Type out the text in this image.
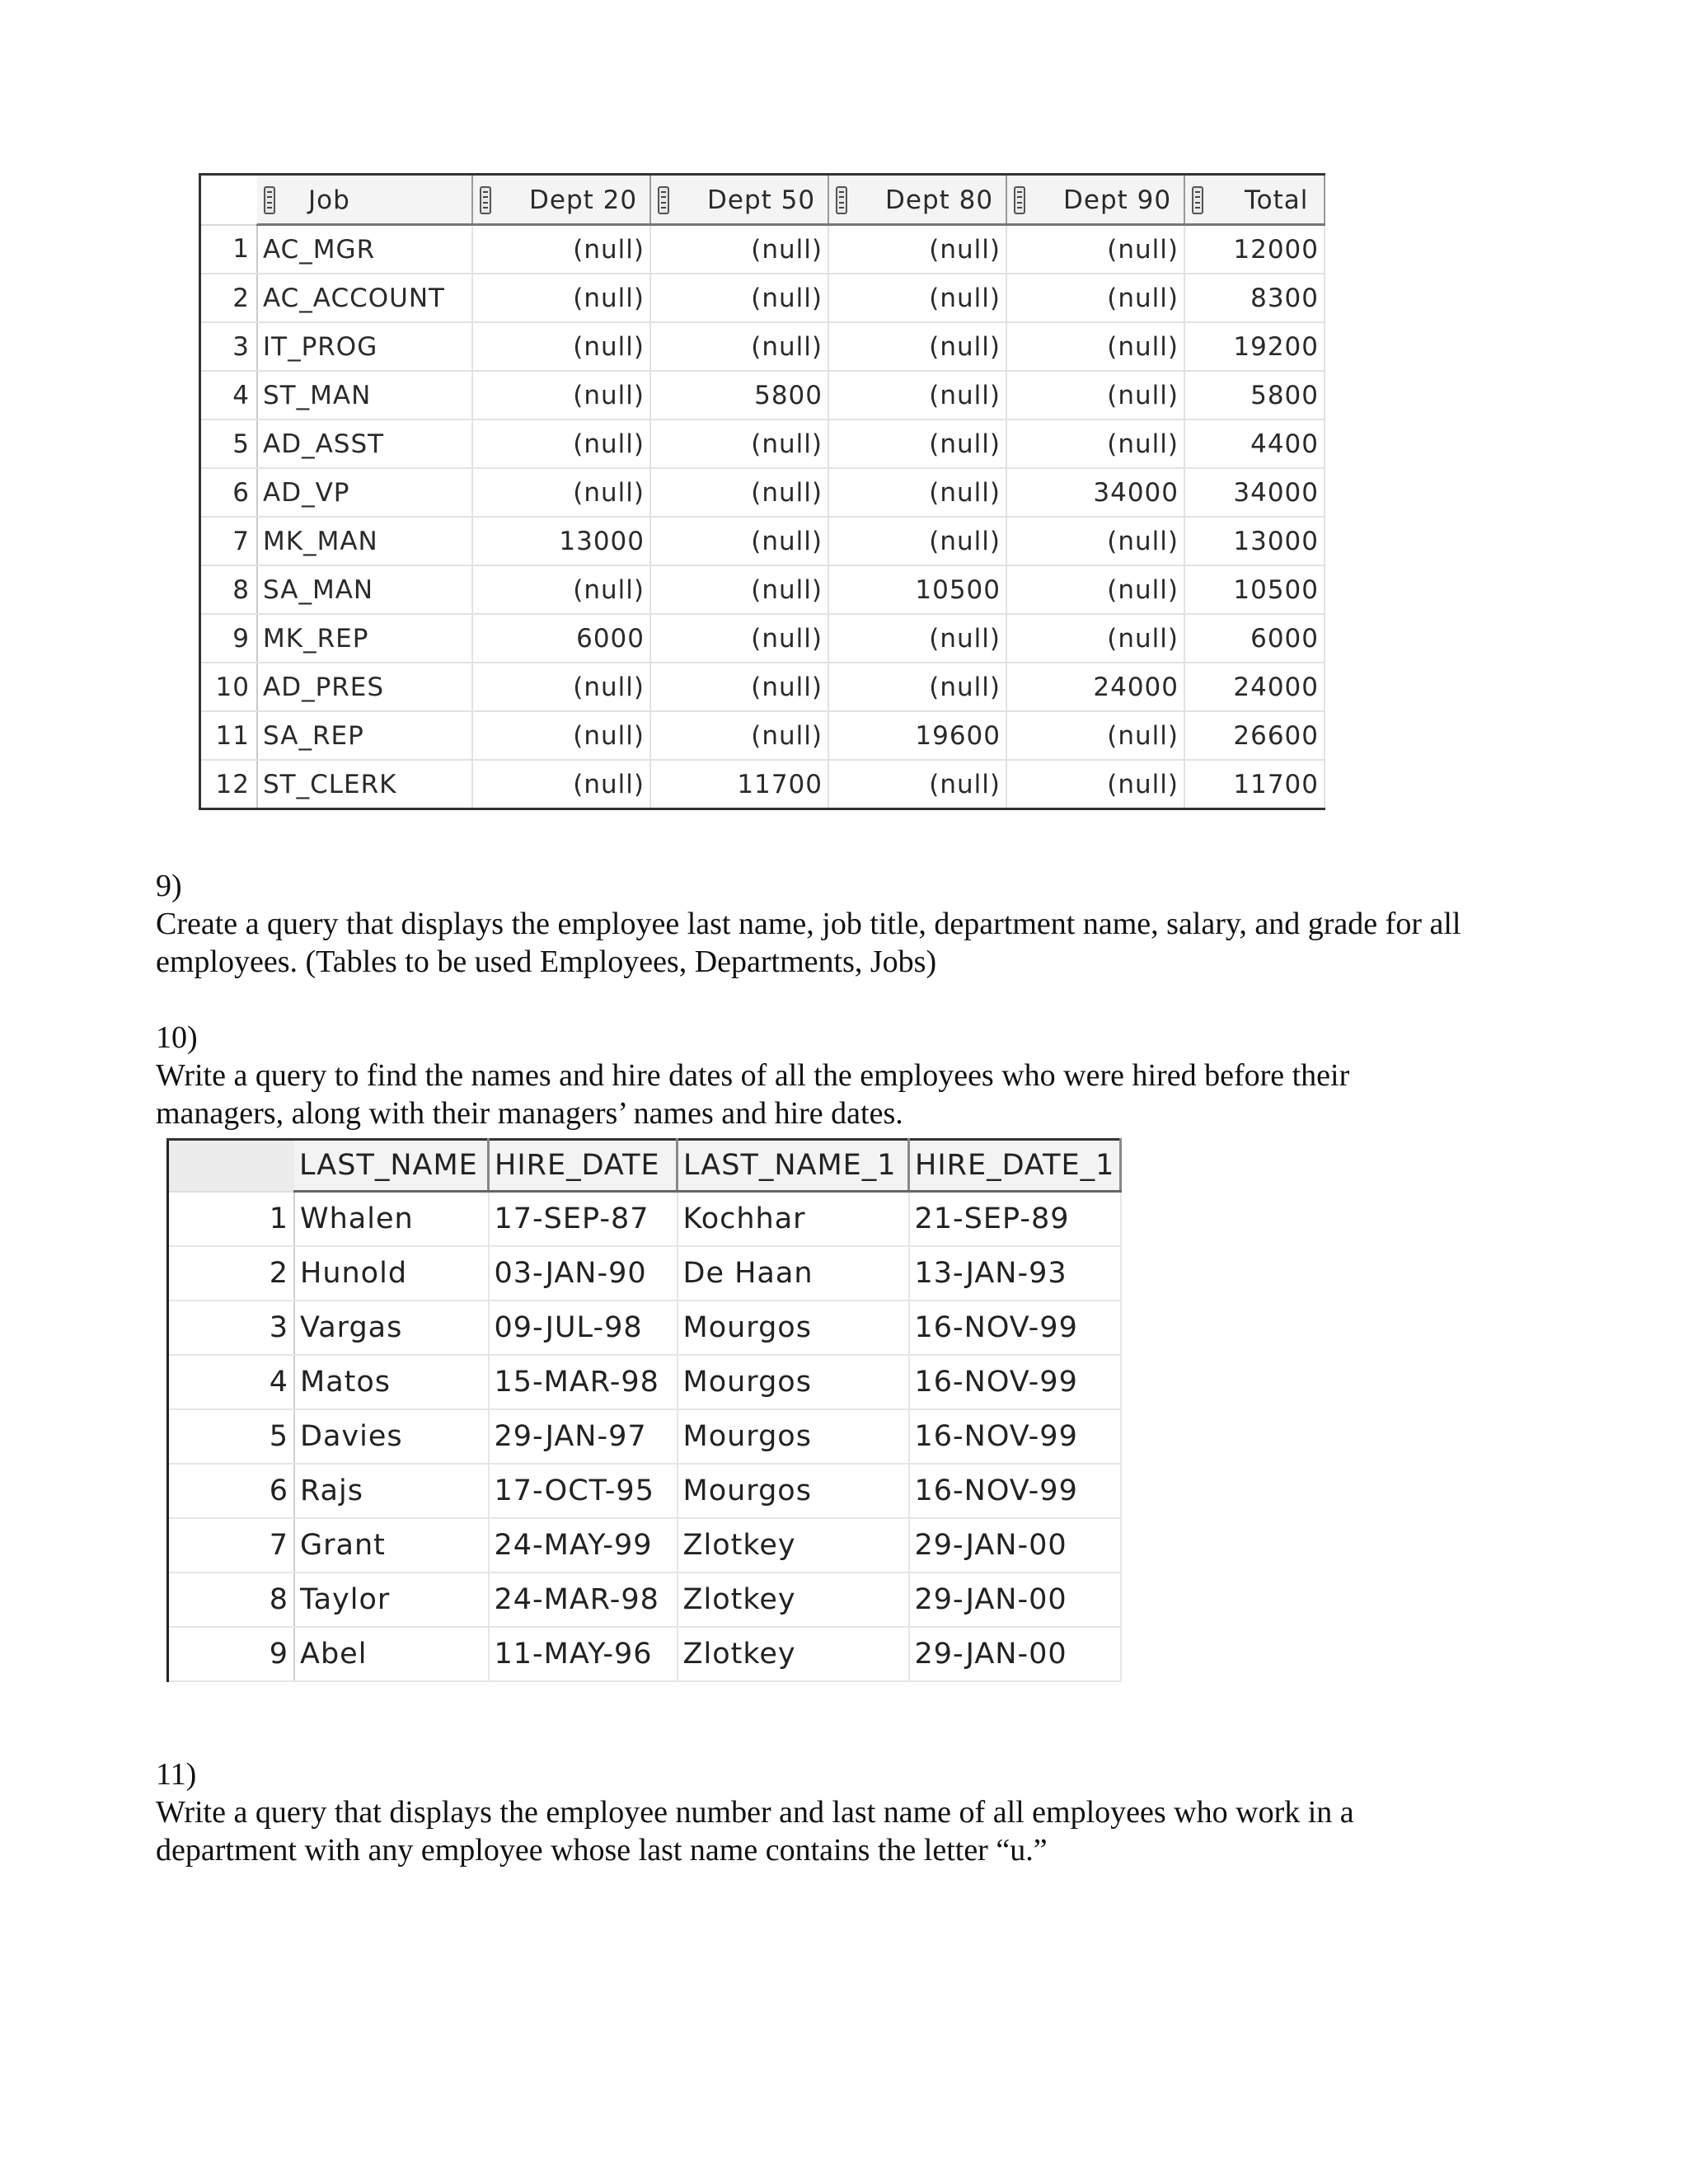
	Job	Dept 20	Dept 50	Dept 80	Dept 90	Total
1	AC_MGR	(null)	(null)	(null)	(null)	12000
2	AC_ACCOUNT	(null)	(null)	(null)	(null)	8300
3	IT_PROG	(null)	(null)	(null)	(null)	19200
4	ST_MAN	(null)	5800	(null)	(null)	5800
5	AD_ASST	(null)	(null)	(null)	(null)	4400
6	AD_VP	(null)	(null)	(null)	34000	34000
7	MK_MAN	13000	(null)	(null)	(null)	13000
8	SA_MAN	(null)	(null)	10500	(null)	10500
9	MK_REP	6000	(null)	(null)	(null)	6000
10	AD_PRES	(null)	(null)	(null)	24000	24000
11	SA_REP	(null)	(null)	19600	(null)	26600
12	ST_CLERK	(null)	11700	(null)	(null)	11700
9)
Create a query that displays the employee last name, job title, department name, salary, and grade for all employees. (Tables to be used Employees, Departments, Jobs)
10)
Write a query to find the names and hire dates of all the employees who were hired before their managers, along with their managers’ names and hire dates.
	LAST_NAME	HIRE_DATE	LAST_NAME_1	HIRE_DATE_1
1	Whalen	17-SEP-87	Kochhar	21-SEP-89
2	Hunold	03-JAN-90	De Haan	13-JAN-93
3	Vargas	09-JUL-98	Mourgos	16-NOV-99
4	Matos	15-MAR-98	Mourgos	16-NOV-99
5	Davies	29-JAN-97	Mourgos	16-NOV-99
6	Rajs	17-OCT-95	Mourgos	16-NOV-99
7	Grant	24-MAY-99	Zlotkey	29-JAN-00
8	Taylor	24-MAR-98	Zlotkey	29-JAN-00
9	Abel	11-MAY-96	Zlotkey	29-JAN-00
11)
Write a query that displays the employee number and last name of all employees who work in a department with any employee whose last name contains the letter “u.”
